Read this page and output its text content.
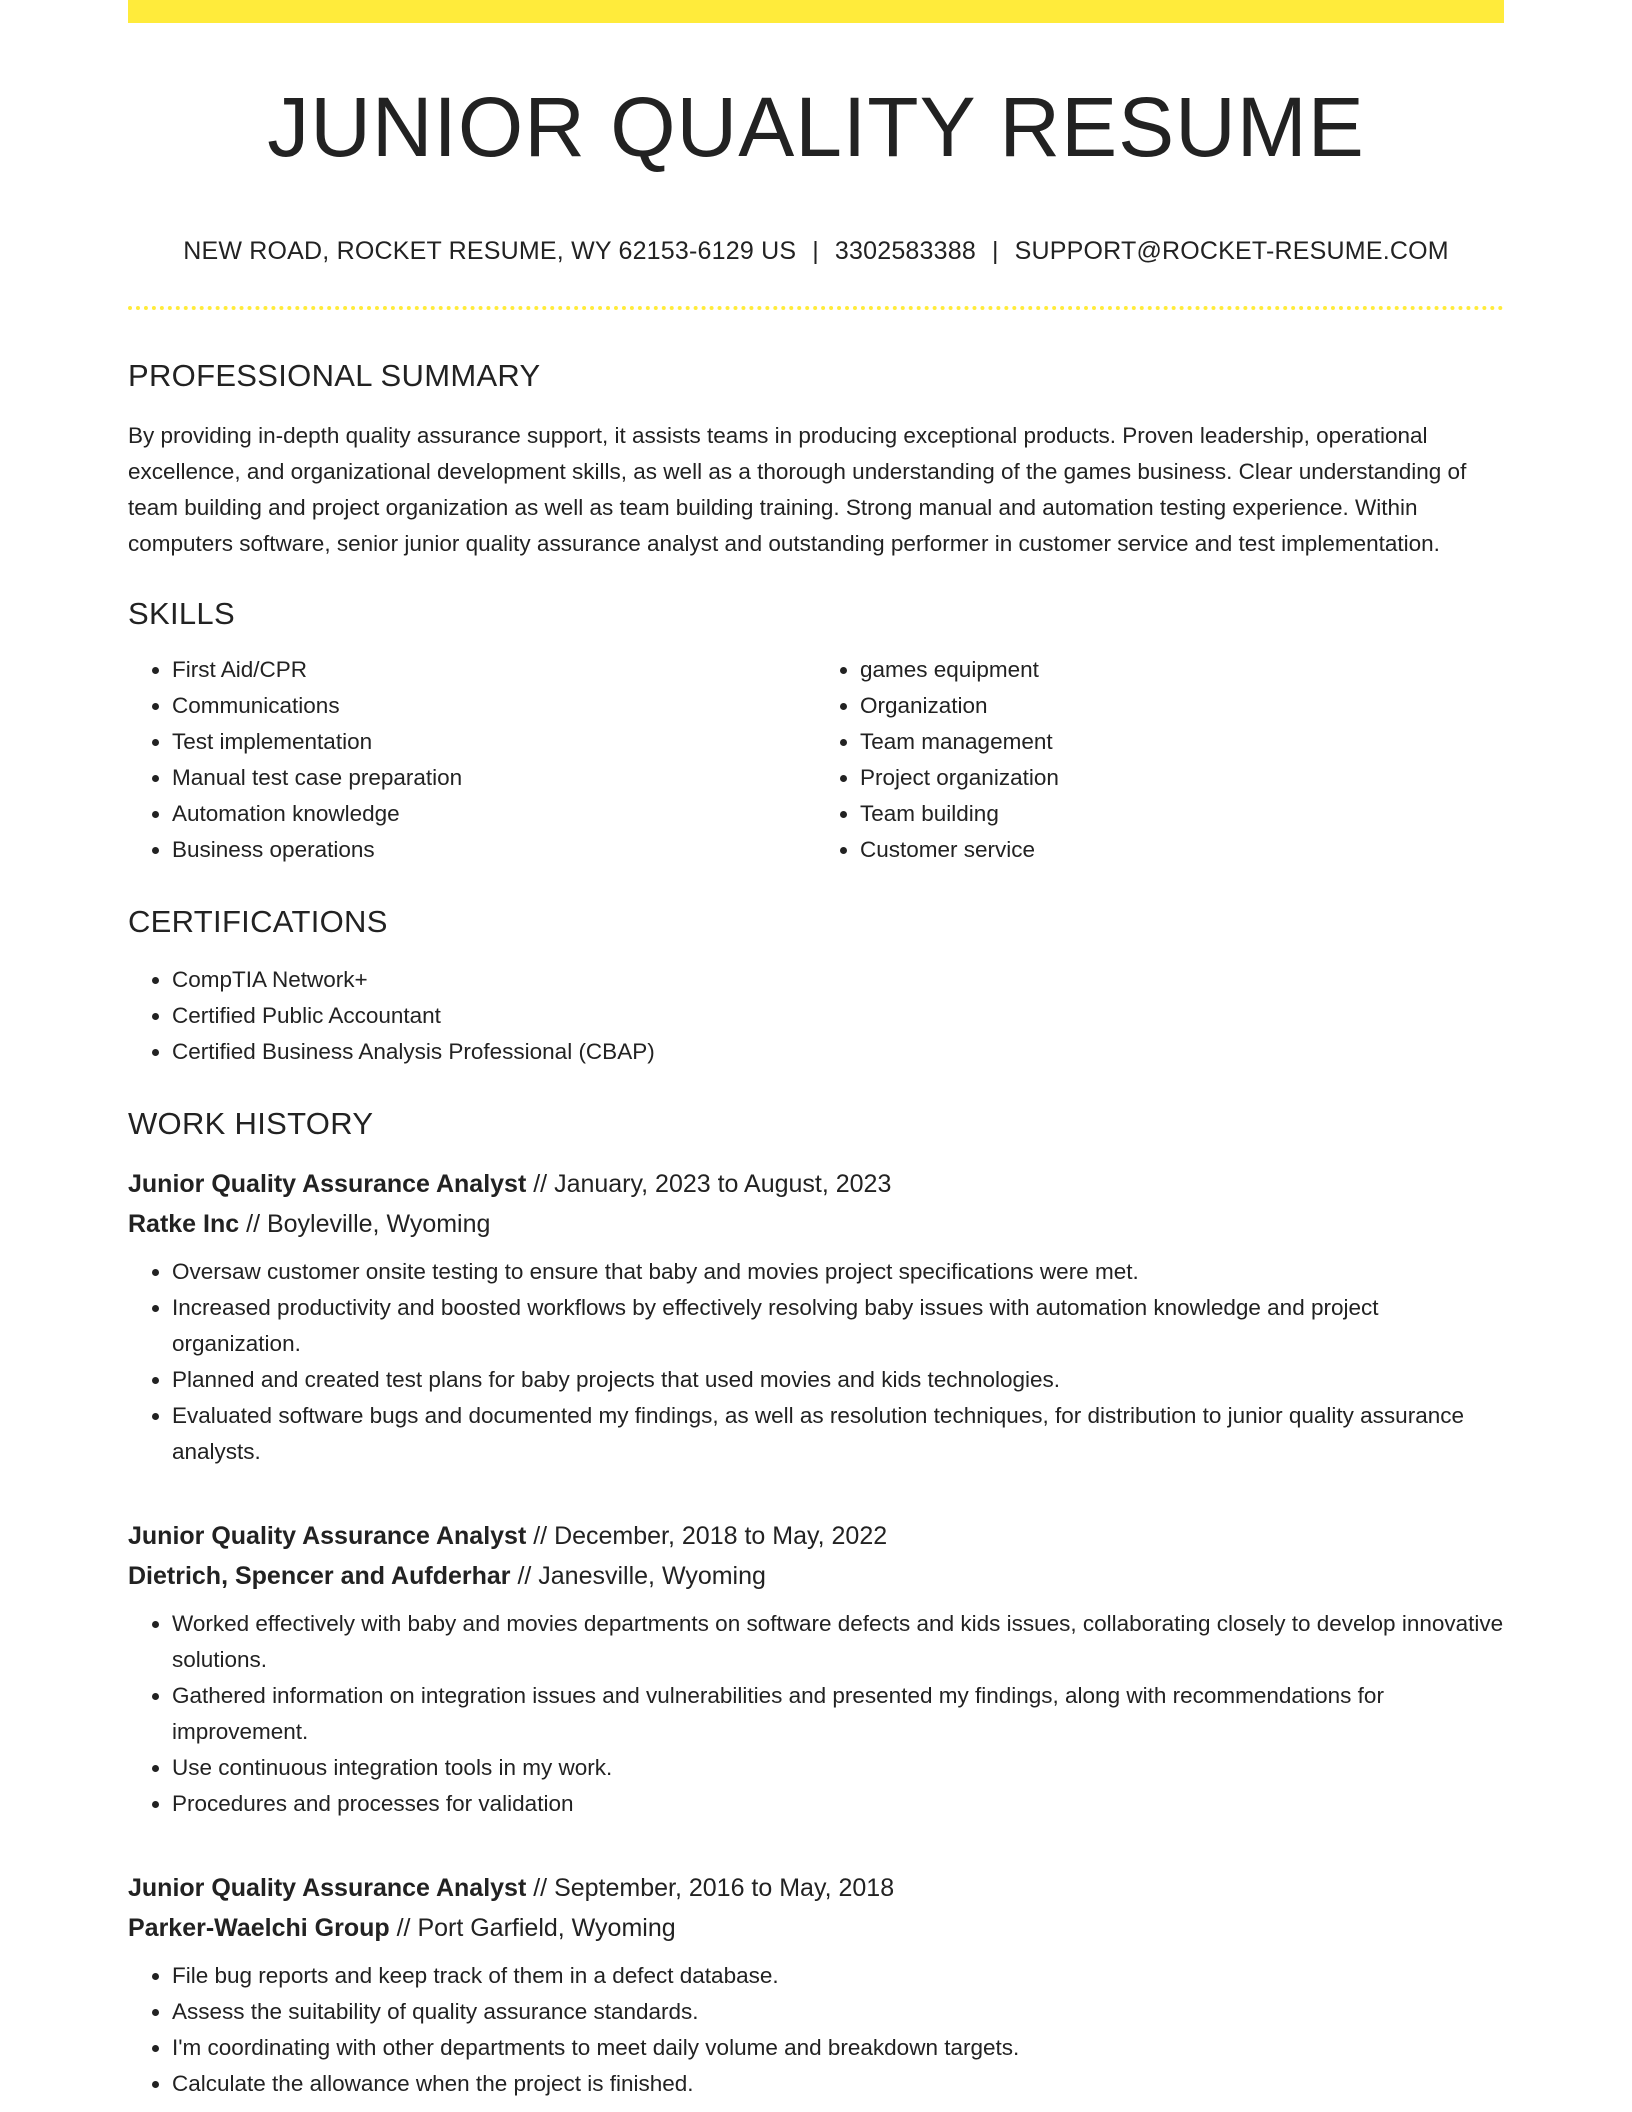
JUNIOR QUALITY RESUME
NEW ROAD, ROCKET RESUME, WY 62153-6129 US | 3302583388 | SUPPORT@ROCKET-RESUME.COM
PROFESSIONAL SUMMARY

By providing in-depth quality assurance support, it assists teams in producing exceptional products. Proven leadership, operational excellence, and organizational development skills, as well as a thorough understanding of the games business. Clear understanding of team building and project organization as well as team building training. Strong manual and automation testing experience. Within computers software, senior junior quality assurance analyst and outstanding performer in customer service and test implementation.

SKILLS
• First Aid/CPR
• Communications
• Test implementation
• Manual test case preparation
• Automation knowledge
• Business operations
• games equipment
• Organization
• Team management
• Project organization
• Team building
• Customer service
CERTIFICATIONS
• CompTIA Network+
• Certified Public Accountant
• Certified Business Analysis Professional (CBAP)
WORK HISTORY
Junior Quality Assurance Analyst // January, 2023 to August, 2023
Ratke Inc // Boyleville, Wyoming
• Oversaw customer onsite testing to ensure that baby and movies project specifications were met.
• Increased productivity and boosted workflows by effectively resolving baby issues with automation knowledge and project organization.
• Planned and created test plans for baby projects that used movies and kids technologies.
• Evaluated software bugs and documented my findings, as well as resolution techniques, for distribution to junior quality assurance analysts.
Junior Quality Assurance Analyst // December, 2018 to May, 2022
Dietrich, Spencer and Aufderhar // Janesville, Wyoming
• Worked effectively with baby and movies departments on software defects and kids issues, collaborating closely to develop innovative solutions.
• Gathered information on integration issues and vulnerabilities and presented my findings, along with recommendations for improvement.
• Use continuous integration tools in my work.
• Procedures and processes for validation
Junior Quality Assurance Analyst // September, 2016 to May, 2018
Parker-Waelchi Group // Port Garfield, Wyoming
• File bug reports and keep track of them in a defect database.
• Assess the suitability of quality assurance standards.
• I'm coordinating with other departments to meet daily volume and breakdown targets.
• Calculate the allowance when the project is finished.
